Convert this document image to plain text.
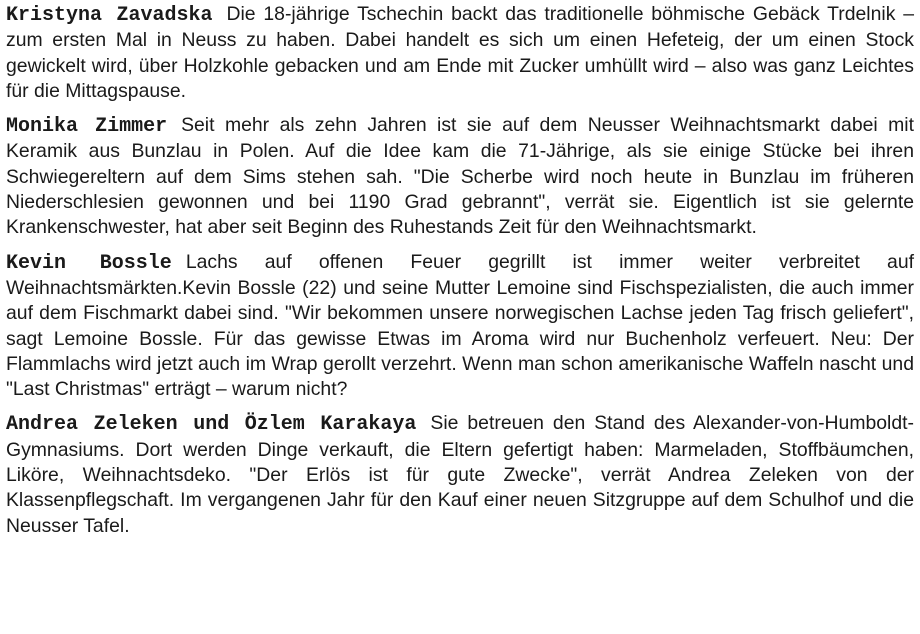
Kristyna Zavadska Die 18-jährige Tschechin backt das traditionelle böhmische Gebäck Trdelnik – zum ersten Mal in Neuss zu haben. Dabei handelt es sich um einen Hefeteig, der um einen Stock gewickelt wird, über Holzkohle gebacken und am Ende mit Zucker umhüllt wird – also was ganz Leichtes für die Mittagspause.

Monika Zimmer Seit mehr als zehn Jahren ist sie auf dem Neusser Weihnachtsmarkt dabei mit Keramik aus Bunzlau in Polen. Auf die Idee kam die 71-Jährige, als sie einige Stücke bei ihren Schwiegereltern auf dem Sims stehen sah. "Die Scherbe wird noch heute in Bunzlau im früheren Niederschlesien gewonnen und bei 1190 Grad gebrannt", verrät sie. Eigentlich ist sie gelernte Krankenschwester, hat aber seit Beginn des Ruhestands Zeit für den Weihnachtsmarkt.

Kevin Bossle Lachs auf offenen Feuer gegrillt ist immer weiter verbreitet auf Weihnachtsmärkten.Kevin Bossle (22) und seine Mutter Lemoine sind Fischspezialisten, die auch immer auf dem Fischmarkt dabei sind. "Wir bekommen unsere norwegischen Lachse jeden Tag frisch geliefert", sagt Lemoine Bossle. Für das gewisse Etwas im Aroma wird nur Buchenholz verfeuert. Neu: Der Flammlachs wird jetzt auch im Wrap gerollt verzehrt. Wenn man schon amerikanische Waffeln nascht und "Last Christmas" erträgt – warum nicht?

Andrea Zeleken und Özlem Karakaya Sie betreuen den Stand des Alexander-von-Humboldt-Gymnasiums. Dort werden Dinge verkauft, die Eltern gefertigt haben: Marmeladen, Stoffbäumchen, Liköre, Weihnachtsdeko. "Der Erlös ist für gute Zwecke", verrät Andrea Zeleken von der Klassenpflegschaft. Im vergangenen Jahr für den Kauf einer neuen Sitzgruppe auf dem Schulhof und die Neusser Tafel.
